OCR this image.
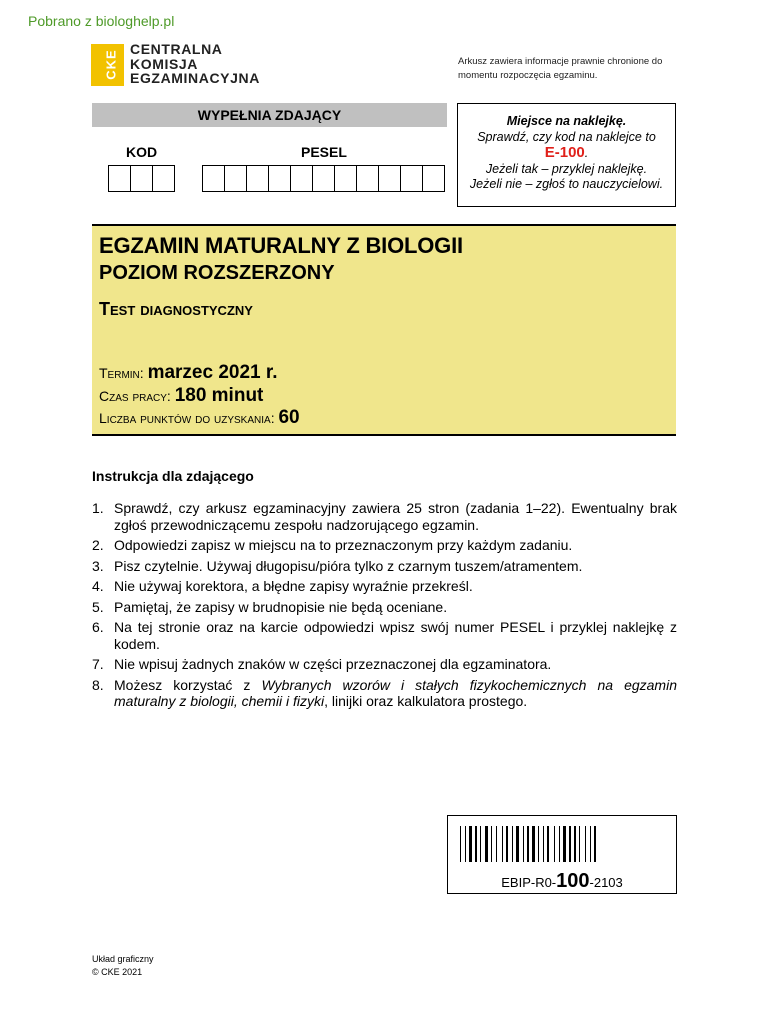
Pobrano z biologhelp.pl
CKE
CENTRALNA
KOMISJA
EGZAMINACYJNA
Arkusz zawiera informacje prawnie chronione do momentu rozpoczęcia egzaminu.
WYPEŁNIA ZDAJĄCY
KOD	PESEL
Miejsce na naklejkę.
Sprawdź, czy kod na naklejce to
E-100.
Jeżeli tak – przyklej naklejkę.
Jeżeli nie – zgłoś to nauczycielowi.
EGZAMIN MATURALNY Z BIOLOGII
POZIOM ROZSZERZONY
Test diagnostyczny
Termin: marzec 2021 r.
Czas pracy: 180 minut
Liczba punktów do uzyskania: 60
Instrukcja dla zdającego
1. Sprawdź, czy arkusz egzaminacyjny zawiera 25 stron (zadania 1–22). Ewentualny brak zgłoś przewodniczącemu zespołu nadzorującego egzamin.
2. Odpowiedzi zapisz w miejscu na to przeznaczonym przy każdym zadaniu.
3. Pisz czytelnie. Używaj długopisu/pióra tylko z czarnym tuszem/atramentem.
4. Nie używaj korektora, a błędne zapisy wyraźnie przekreśl.
5. Pamiętaj, że zapisy w brudnopisie nie będą oceniane.
6. Na tej stronie oraz na karcie odpowiedzi wpisz swój numer PESEL i przyklej naklejkę z kodem.
7. Nie wpisuj żadnych znaków w części przeznaczonej dla egzaminatora.
8. Możesz korzystać z Wybranych wzorów i stałych fizykochemicznych na egzamin maturalny z biologii, chemii i fizyki, linijki oraz kalkulatora prostego.
EBIP-R0-100-2103
Układ graficzny
© CKE 2021
